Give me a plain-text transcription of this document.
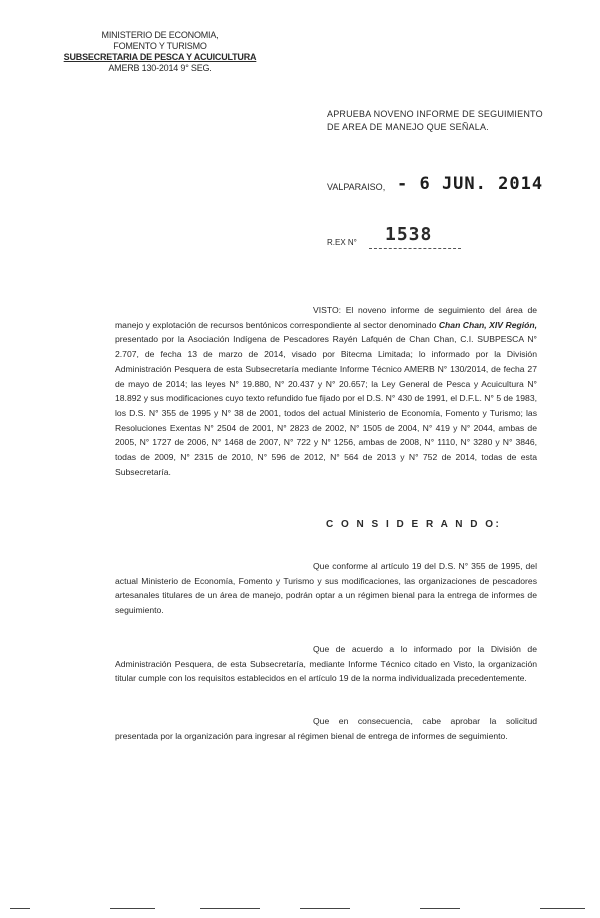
MINISTERIO DE ECONOMIA,
FOMENTO Y TURISMO
SUBSECRETARIA DE PESCA Y ACUICULTURA
AMERB 130-2014 9° SEG.
APRUEBA NOVENO INFORME DE SEGUIMIENTO DE AREA DE MANEJO QUE SEÑALA.
VALPARAISO, - 6 JUN. 2014
R.EX N° 1538
VISTO: El noveno informe de seguimiento del área de manejo y explotación de recursos bentónicos correspondiente al sector denominado Chan Chan, XIV Región, presentado por la Asociación Indígena de Pescadores Rayén Lafquén de Chan Chan, C.I. SUBPESCA N° 2.707, de fecha 13 de marzo de 2014, visado por Bitecma Limitada; lo informado por la División Administración Pesquera de esta Subsecretaría mediante Informe Técnico AMERB N° 130/2014, de fecha 27 de mayo de 2014; las leyes N° 19.880, N° 20.437 y N° 20.657; la Ley General de Pesca y Acuicultura N° 18.892 y sus modificaciones cuyo texto refundido fue fijado por el D.S. N° 430 de 1991, el D.F.L. N° 5 de 1983, los D.S. N° 355 de 1995 y N° 38 de 2001, todos del actual Ministerio de Economía, Fomento y Turismo; las Resoluciones Exentas N° 2504 de 2001, N° 2823 de 2002, N° 1505 de 2004, N° 419 y N° 2044, ambas de 2005, N° 1727 de 2006, N° 1468 de 2007, N° 722 y N° 1256, ambas de 2008, N° 1110, N° 3280 y N° 3846, todas de 2009, N° 2315 de 2010, N° 596 de 2012, N° 564 de 2013 y N° 752 de 2014, todas de esta Subsecretaría.
C O N S I D E R A N D O:
Que conforme al artículo 19 del D.S. N° 355 de 1995, del actual Ministerio de Economía, Fomento y Turismo y sus modificaciones, las organizaciones de pescadores artesanales titulares de un área de manejo, podrán optar a un régimen bienal para la entrega de informes de seguimiento.
Que de acuerdo a lo informado por la División de Administración Pesquera, de esta Subsecretaría, mediante Informe Técnico citado en Visto, la organización titular cumple con los requisitos establecidos en el artículo 19 de la norma individualizada precedentemente.
Que en consecuencia, cabe aprobar la solicitud presentada por la organización para ingresar al régimen bienal de entrega de informes de seguimiento.
